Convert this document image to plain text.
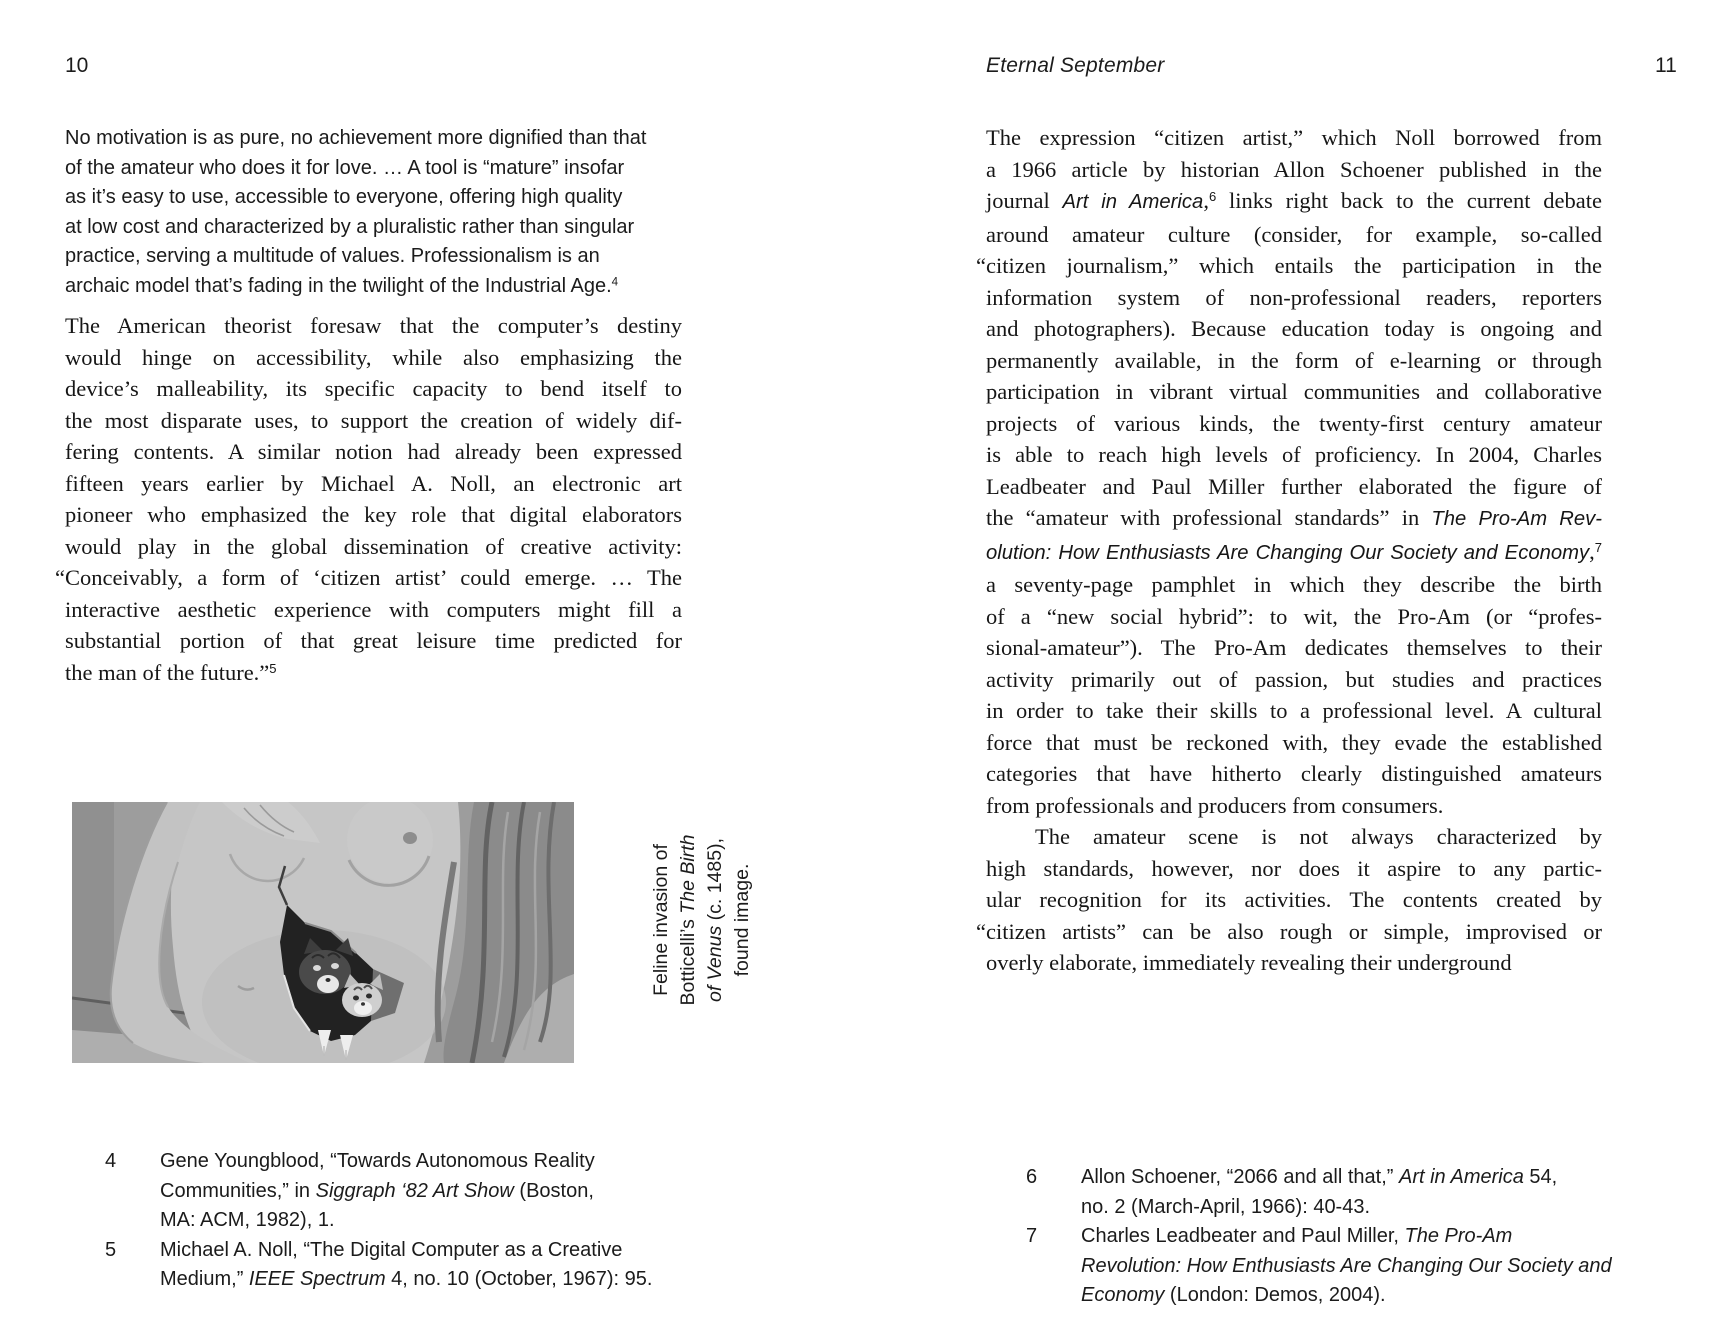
10
No motivation is as pure, no achievement more dignified than that
of the amateur who does it for love. … A tool is “mature” insofar
as it’s easy to use, accessible to everyone, offering high quality
at low cost and characterized by a pluralistic rather than singular
practice, serving a multitude of values. Professionalism is an
archaic model that’s fading in the twilight of the Industrial Age.$^4$
The American theorist foresaw that the computer’s destiny
would hinge on accessibility, while also emphasizing the
device’s malleability, its specific capacity to bend itself to
the most disparate uses, to support the creation of widely dif-
fering contents. A similar notion had already been expressed
fifteen years earlier by Michael A. Noll, an electronic art
pioneer who emphasized the key role that digital elaborators
would play in the global dissemination of creative activity:
“Conceivably, a form of ‘citizen artist’ could emerge. … The
interactive aesthetic experience with computers might fill a
substantial portion of that great leisure time predicted for
the man of the future.”$^5$
Feline invasion of Botticelli’s The Birth
of Venus (c. 1485), found image.
4 Gene Youngblood, “Towards Autonomous Reality
Communities,” in Siggraph ‘82 Art Show (Boston,
MA: ACM, 1982), 1.
5 Michael A. Noll, “The Digital Computer as a Creative
Medium,” IEEE Spectrum 4, no. 10 (October, 1967): 95.
Eternal September	11
The expression “citizen artist,” which Noll borrowed from
a 1966 article by historian Allon Schoener published in the
journal Art in America,$^6$ links right back to the current debate
around amateur culture (consider, for example, so-called
“citizen journalism,” which entails the participation in the
information system of non-professional readers, reporters
and photographers). Because education today is ongoing and
permanently available, in the form of e-learning or through
participation in vibrant virtual communities and collaborative
projects of various kinds, the twenty-first century amateur
is able to reach high levels of proficiency. In 2004, Charles
Leadbeater and Paul Miller further elaborated the figure of
the “amateur with professional standards” in The Pro-Am Rev-
olution: How Enthusiasts Are Changing Our Society and Economy,$^7$
a seventy-page pamphlet in which they describe the birth
of a “new social hybrid”: to wit, the Pro-Am (or “profes-
sional-amateur”). The Pro-Am dedicates themselves to their
activity primarily out of passion, but studies and practices
in order to take their skills to a professional level. A cultural
force that must be reckoned with, they evade the established
categories that have hitherto clearly distinguished amateurs
from professionals and producers from consumers.
The amateur scene is not always characterized by
high standards, however, nor does it aspire to any partic-
ular recognition for its activities. The contents created by
“citizen artists” can be also rough or simple, improvised or
overly elaborate, immediately revealing their underground
6 Allon Schoener, “2066 and all that,” Art in America 54,
no. 2 (March-April, 1966): 40-43.
7 Charles Leadbeater and Paul Miller, The Pro-Am
Revolution: How Enthusiasts Are Changing Our Society and
Economy (London: Demos, 2004).
